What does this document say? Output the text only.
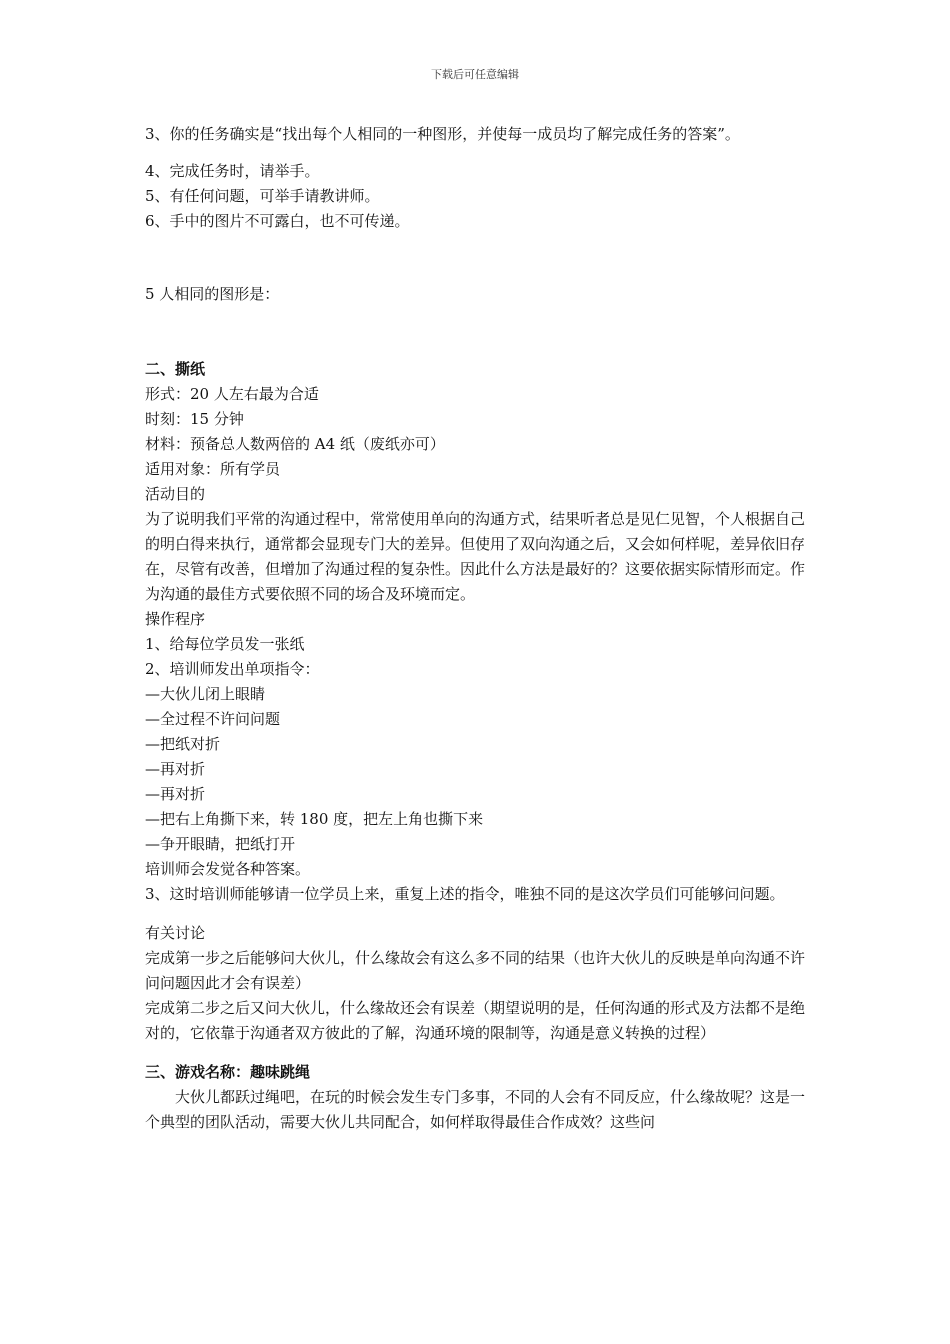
下载后可任意编辑
3、你的任务确实是“找出每个人相同的一种图形，并使每一成员均了解完成任务的答案”。
4、完成任务时，请举手。
5、有任何问题，可举手请教讲师。
6、手中的图片不可露白，也不可传递。
5 人相同的图形是：
二、撕纸
形式：20 人左右最为合适
时刻：15 分钟
材料：预备总人数两倍的 A4 纸（废纸亦可）
适用对象：所有学员
活动目的
为了说明我们平常的沟通过程中，常常使用单向的沟通方式，结果听者总是见仁见智，个人根据自己的明白得来执行，通常都会显现专门大的差异。但使用了双向沟通之后，又会如何样呢，差异依旧存在，尽管有改善，但增加了沟通过程的复杂性。因此什么方法是最好的？这要依据实际情形而定。作为沟通的最佳方式要依照不同的场合及环境而定。
操作程序
1、给每位学员发一张纸
2、培训师发出单项指令：
—大伙儿闭上眼睛
—全过程不许问问题
—把纸对折
—再对折
—再对折
—把右上角撕下来，转 180 度，把左上角也撕下来
—争开眼睛，把纸打开
培训师会发觉各种答案。
3、这时培训师能够请一位学员上来，重复上述的指令，唯独不同的是这次学员们可能够问问题。
有关讨论
完成第一步之后能够问大伙儿，什么缘故会有这么多不同的结果（也许大伙儿的反映是单向沟通不许问问题因此才会有误差）
完成第二步之后又问大伙儿，什么缘故还会有误差（期望说明的是，任何沟通的形式及方法都不是绝对的，它依靠于沟通者双方彼此的了解，沟通环境的限制等，沟通是意义转换的过程）
三、游戏名称：趣味跳绳
大伙儿都跃过绳吧，在玩的时候会发生专门多事，不同的人会有不同反应，什么缘故呢？这是一个典型的团队活动，需要大伙儿共同配合，如何样取得最佳合作成效？这些问
